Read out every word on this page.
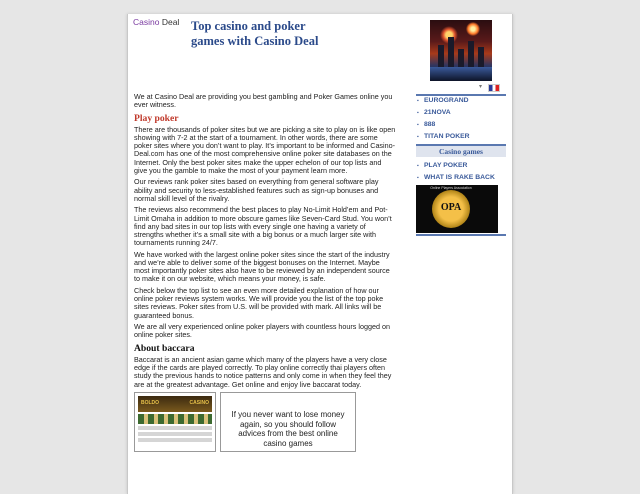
Casino Deal Top casino and poker games with Casino Deal

We at Casino Deal are providing you best gambling and Poker Games online you ever witness.

Play poker

There are thousands of poker sites but we are picking a site to play on is like open showing with 7-2 at the start of a tournament. In other words, there are some poker sites where you don’t want to play. It’s important to be informed and Casino-Deal.com has one of the most comprehensive online poker site databases on the Internet. Only the best poker sites make the upper echelon of our top lists and give you the gamble to make the most of your payment learn more.

Our reviews rank poker sites based on everything from general software play ability and security to less-established features such as sign-up bonuses and normal skill level of the rivalry.

The reviews also recommend the best places to play No-Limit Hold’em and Pot-Limit Omaha in addition to more obscure games like Seven-Card Stud. You won’t find any bad sites in our top lists with every single one having a variety of strengths whether it’s a small site with a big bonus or a much larger site with tournaments running 24/7.

We have worked with the largest online poker sites since the start of the industry and we’re able to deliver some of the biggest bonuses on the Internet. Maybe most importantly poker sites also have to be reviewed by an independent source to make it on our website, which means your money, is safe.

Check below the top list to see an even more detailed explanation of how our online poker reviews system works. We will provide you the list of the top poke sites reviews. Poker sites from U.S. will be provided with mark. All links will be guaranteed bonus.

We are all very experienced online poker players with countless hours logged on online poker sites.

About baccara

Baccarat is an ancient asian game which many of the players have a very close edge if the cards are played correctly. To play online correctly thai players often study the previous hands to notice patterns and only come in when they feel they are at the greatest advantage. Get online and enjoy live baccarat today.

BOLDO	CASINO
If you never want to lose money again, so you should follow advices from the best online casino games
▾
▪ EUROGRAND
▪ 21NOVA
▪ 888
▪ TITAN POKER
Casino games
▪ PLAY POKER
▪ WHAT IS RAKE BACK
Online Players Association
OPA
